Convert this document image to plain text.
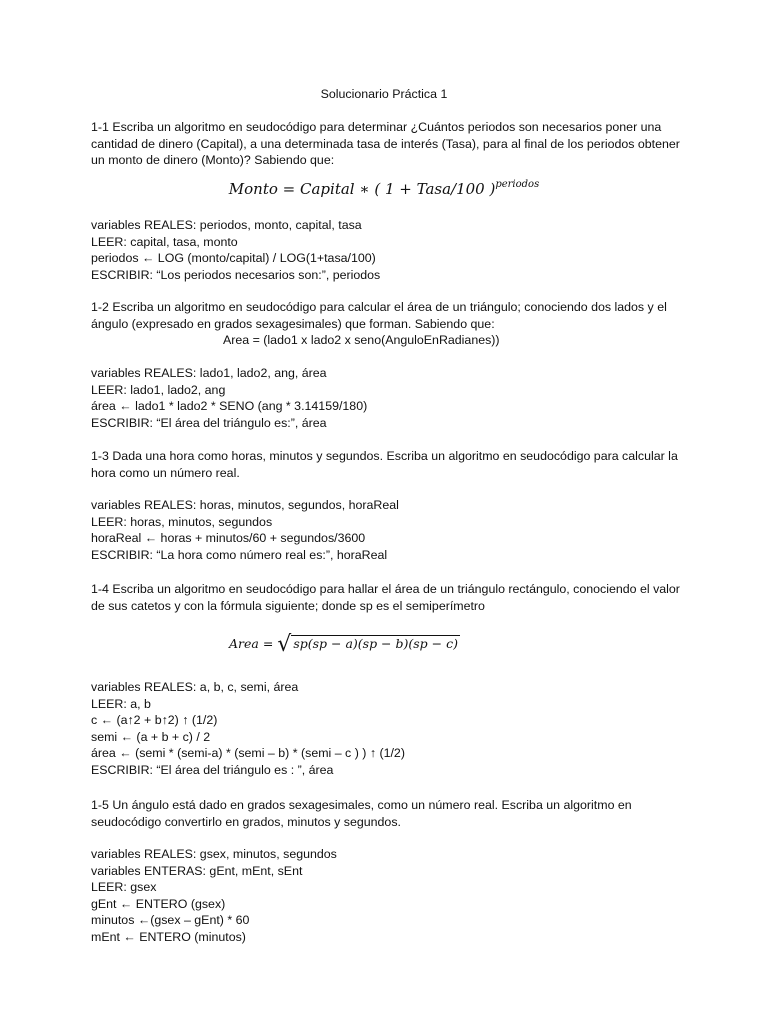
Solucionario Práctica 1
1-1 Escriba un algoritmo en seudocódigo para determinar ¿Cuántos periodos son necesarios poner una cantidad de dinero (Capital), a una determinada tasa de interés (Tasa), para al final de los periodos obtener un monto de dinero (Monto)? Sabiendo que:
Monto = Capital ∗ ( 1 + Tasa/100 )$^{periodos}$
variables REALES: periodos, monto, capital, tasa
LEER: capital, tasa, monto
periodos ← LOG (monto/capital) / LOG(1+tasa/100)
ESCRIBIR: “Los periodos necesarios son:”, periodos
1-2 Escriba un algoritmo en seudocódigo para calcular el área de un triángulo; conociendo dos lados y el ángulo (expresado en grados sexagesimales) que forman. Sabiendo que:
Area = (lado1 x lado2 x seno(AnguloEnRadianes))
variables REALES: lado1, lado2, ang, área
LEER: lado1, lado2, ang
área ← lado1 * lado2 * SENO (ang * 3.14159/180)
ESCRIBIR: “El área del triángulo es:”, área
1-3 Dada una hora como horas, minutos y segundos. Escriba un algoritmo en seudocódigo para calcular la hora como un número real.
variables REALES: horas, minutos, segundos, horaReal
LEER: horas, minutos, segundos
horaReal ← horas + minutos/60 + segundos/3600
ESCRIBIR: “La hora como número real es:”, horaReal
1-4 Escriba un algoritmo en seudocódigo para hallar el área de un triángulo rectángulo, conociendo el valor de sus catetos y con la fórmula siguiente; donde sp es el semiperímetro
Area = √ sp(sp − a)(sp − b)(sp − c)
variables REALES: a, b, c, semi, área
LEER: a, b
c ← (a↑2 + b↑2) ↑ (1/2)
semi ← (a + b + c) / 2
área ← (semi * (semi-a) * (semi – b) * (semi – c ) ) ↑ (1/2)
ESCRIBIR: “El área del triángulo es : ”, área
1-5 Un ángulo está dado en grados sexagesimales, como un número real. Escriba un algoritmo en seudocódigo convertirlo en grados, minutos y segundos.
variables REALES: gsex, minutos, segundos
variables ENTERAS: gEnt, mEnt, sEnt
LEER: gsex
gEnt ← ENTERO (gsex)
minutos ←(gsex – gEnt) * 60
mEnt ← ENTERO (minutos)
